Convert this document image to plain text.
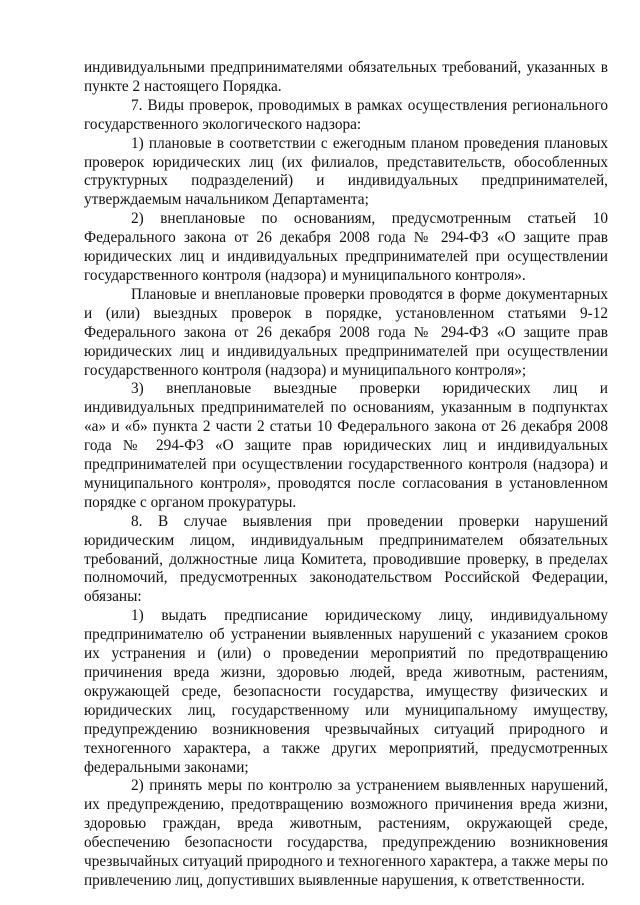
индивидуальными предпринимателями обязательных требований, указанных в пункте 2 настоящего Порядка.

7. Виды проверок, проводимых в рамках осуществления регионального государственного экологического надзора:

1) плановые в соответствии с ежегодным планом проведения плановых проверок юридических лиц (их филиалов, представительств, обособленных структурных подразделений) и индивидуальных предпринимателей, утверждаемым начальником Департамента;

2) внеплановые по основаниям, предусмотренным статьей 10 Федерального закона от 26 декабря 2008 года № 294-ФЗ «О защите прав юридических лиц и индивидуальных предпринимателей при осуществлении государственного контроля (надзора) и муниципального контроля».

Плановые и внеплановые проверки проводятся в форме документарных и (или) выездных проверок в порядке, установленном статьями 9-12 Федерального закона от 26 декабря 2008 года № 294-ФЗ «О защите прав юридических лиц и индивидуальных предпринимателей при осуществлении государственного контроля (надзора) и муниципального контроля»;

3) внеплановые выездные проверки юридических лиц и индивидуальных предпринимателей по основаниям, указанным в подпунктах «а» и «б» пункта 2 части 2 статьи 10 Федерального закона от 26 декабря 2008 года № 294-ФЗ «О защите прав юридических лиц и индивидуальных предпринимателей при осуществлении государственного контроля (надзора) и муниципального контроля», проводятся после согласования в установленном порядке с органом прокуратуры.

8. В случае выявления при проведении проверки нарушений юридическим лицом, индивидуальным предпринимателем обязательных требований, должностные лица Комитета, проводившие проверку, в пределах полномочий, предусмотренных законодательством Российской Федерации, обязаны:

1) выдать предписание юридическому лицу, индивидуальному предпринимателю об устранении выявленных нарушений с указанием сроков их устранения и (или) о проведении мероприятий по предотвращению причинения вреда жизни, здоровью людей, вреда животным, растениям, окружающей среде, безопасности государства, имуществу физических и юридических лиц, государственному или муниципальному имуществу, предупреждению возникновения чрезвычайных ситуаций природного и техногенного характера, а также других мероприятий, предусмотренных федеральными законами;

2) принять меры по контролю за устранением выявленных нарушений, их предупреждению, предотвращению возможного причинения вреда жизни, здоровью граждан, вреда животным, растениям, окружающей среде, обеспечению безопасности государства, предупреждению возникновения чрезвычайных ситуаций природного и техногенного характера, а также меры по привлечению лиц, допустивших выявленные нарушения, к ответственности.
